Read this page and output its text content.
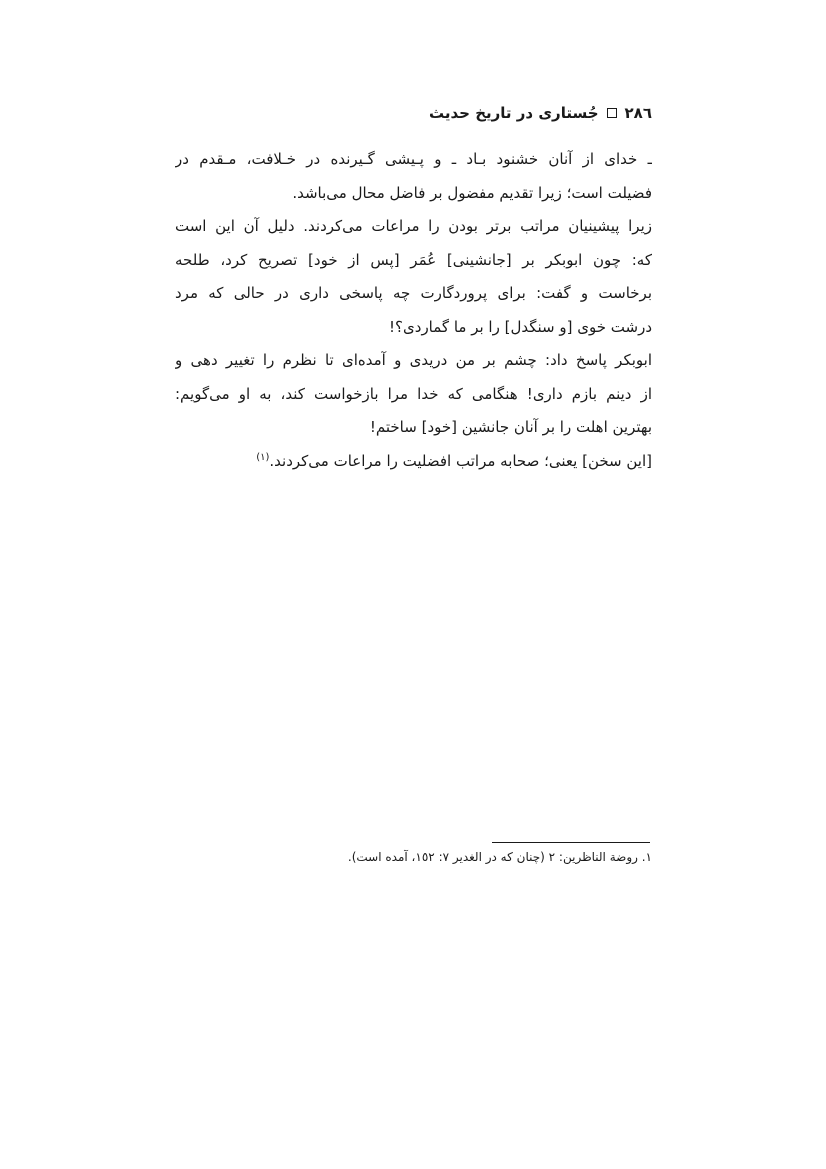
٢٨٦
جُستاری در تاریخ حدیث
ـ خدای از آنان خشنود بـاد ـ و پـیشی گـیرنده در خـلافت، مـقدم در
فضیلت است؛ زیرا تقدیم مفضول بر فاضل محال می‌باشد.
زیرا پیشینیان مراتب برتر بودن را مراعات می‌کردند. دلیل آن این است
که: چون ابوبکر بر [جانشینی] عُمَر [پس از خود] تصریح کرد، طلحه
برخاست و گفت: برای پروردگارت چه پاسخی داری در حالی که مرد
درشت خوی [و سنگدل] را بر ما گماردی؟!
ابوبکر پاسخ داد: چشم بر من دریدی و آمده‌ای تا نظرم را تغییر دهی و
از دینم بازم داری! هنگامی که خدا مرا بازخواست کند، به او می‌گویم:
بهترین اهلت را بر آنان جانشین [خود] ساختم!
[این سخن] یعنی؛ صحابه مراتب افضلیت را مراعات می‌کردند.$^{(١)}$
١. روضة الناظرين: ٢ (چنان که در الغدیر ٧: ١٥٢، آمده است).
